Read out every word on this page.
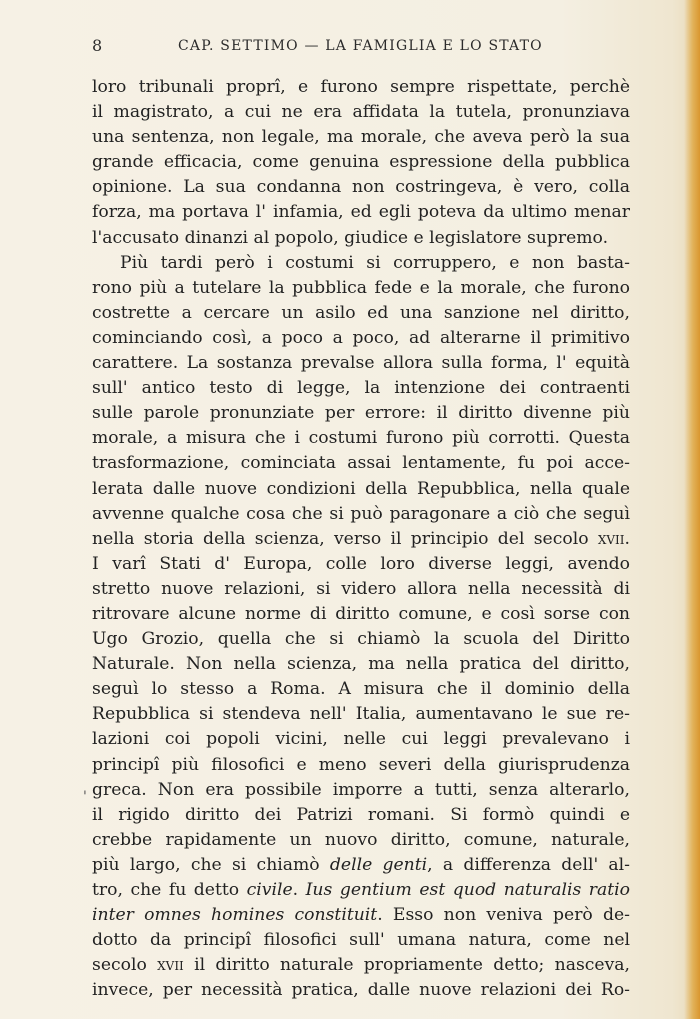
8	CAP. SETTIMO — LA FAMIGLIA E LO STATO
'
loro tribunali proprî, e furono sempre rispettate, perchè
il magistrato, a cui ne era affidata la tutela, pronunziava
una sentenza, non legale, ma morale, che aveva però la sua
grande efficacia, come genuina espressione della pubblica
opinione. La sua condanna non costringeva, è vero, colla
forza, ma portava l' infamia, ed egli poteva da ultimo menar
l'accusato dinanzi al popolo, giudice e legislatore supremo.
Più tardi però i costumi si corruppero, e non basta-
rono più a tutelare la pubblica fede e la morale, che furono
costrette a cercare un asilo ed una sanzione nel diritto,
cominciando così, a poco a poco, ad alterarne il primitivo
carattere. La sostanza prevalse allora sulla forma, l' equità
sull' antico testo di legge, la intenzione dei contraenti
sulle parole pronunziate per errore: il diritto divenne più
morale, a misura che i costumi furono più corrotti. Questa
trasformazione, cominciata assai lentamente, fu poi acce-
lerata dalle nuove condizioni della Repubblica, nella quale
avvenne qualche cosa che si può paragonare a ciò che seguì
nella storia della scienza, verso il principio del secolo xvii.
I varî Stati d' Europa, colle loro diverse leggi, avendo
stretto nuove relazioni, si videro allora nella necessità di
ritrovare alcune norme di diritto comune, e così sorse con
Ugo Grozio, quella che si chiamò la scuola del Diritto
Naturale. Non nella scienza, ma nella pratica del diritto,
seguì lo stesso a Roma. A misura che il dominio della
Repubblica si stendeva nell' Italia, aumentavano le sue re-
lazioni coi popoli vicini, nelle cui leggi prevalevano i
principî più filosofici e meno severi della giurisprudenza
greca. Non era possibile imporre a tutti, senza alterarlo,
il rigido diritto dei Patrizi romani. Si formò quindi e
crebbe rapidamente un nuovo diritto, comune, naturale,
più largo, che si chiamò delle genti, a differenza dell' al-
tro, che fu detto civile. Ius gentium est quod naturalis ratio
inter omnes homines constituit. Esso non veniva però de-
dotto da principî filosofici sull' umana natura, come nel
secolo xvii il diritto naturale propriamente detto; nasceva,
invece, per necessità pratica, dalle nuove relazioni dei Ro-
